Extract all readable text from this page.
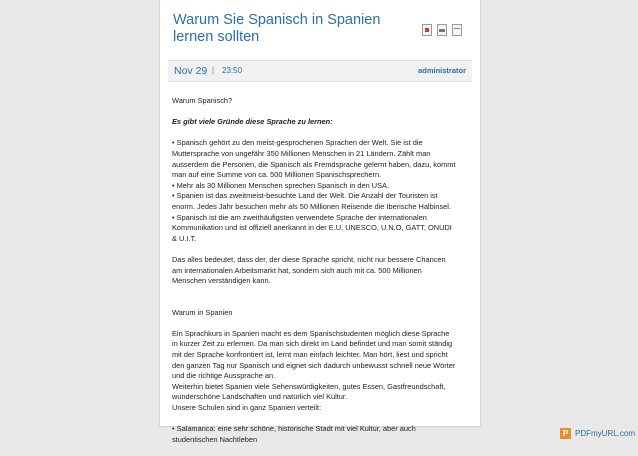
Warum Sie Spanisch in Spanien lernen sollten
Nov 29 | 23:50	administrator

Warum Spanisch?

Es gibt viele Gründe diese Sprache zu lernen:

• Spanisch gehört zu den meist-gesprochenen Sprachen der Welt. Sie ist die
Muttersprache von ungefähr 350 Millionen Menschen in 21 Ländern. Zählt man
ausserdem die Personen, die Spanisch als Fremdsprache gelernt haben, dazu, kommt
man auf eine Summe von ca. 500 Millionen Spanischsprechern.
• Mehr als 30 Millionen Menschen sprechen Spanisch in den USA.
• Spanien ist das zweitmeist-besuchte Land der Welt. Die Anzahl der Touristen ist
enorm. Jedes Jahr besuchen mehr als 50 Millionen Reisende die Iberische Halbinsel.
• Spanisch ist die am zweithäufigsten verwendete Sprache der internationalen
Kommunikation und ist offiziell anerkannt in der E.U, UNESCO, U.N.O, GATT, ONUDI
& U.I.T.

Das alles bedeutet, dass der, der diese Sprache spricht, nicht nur bessere Chancen
am internationalen Arbeitsmarkt hat, sondern sich auch mit ca. 500 Millionen
Menschen verständigen kann.

Warum in Spanien

Ein Sprachkurs in Spanien macht es dem Spanischstudenten möglich diese Sprache
in kurzer Zeit zu erlernen. Da man sich direkt im Land befindet und man somit ständig
mit der Sprache konfrontiert ist, lernt man einfach leichter. Man hört, liest und spricht
den ganzen Tag nur Spanisch und eignet sich dadurch unbewusst schnell neue Wörter
und die richtige Aussprache an.
Weiterhin bietet Spanien viele Sehenswürdigkeiten, gutes Essen, Gastfreundschaft,
wunderschöne Landschaften und natürlich viel Kultur.
Unsere Schulen sind in ganz Spanien verteilt:

• Salamanca: eine sehr schöne, historische Stadt mit viel Kultur, aber auch
studentischen Nachtleben

P PDFmyURL.com
